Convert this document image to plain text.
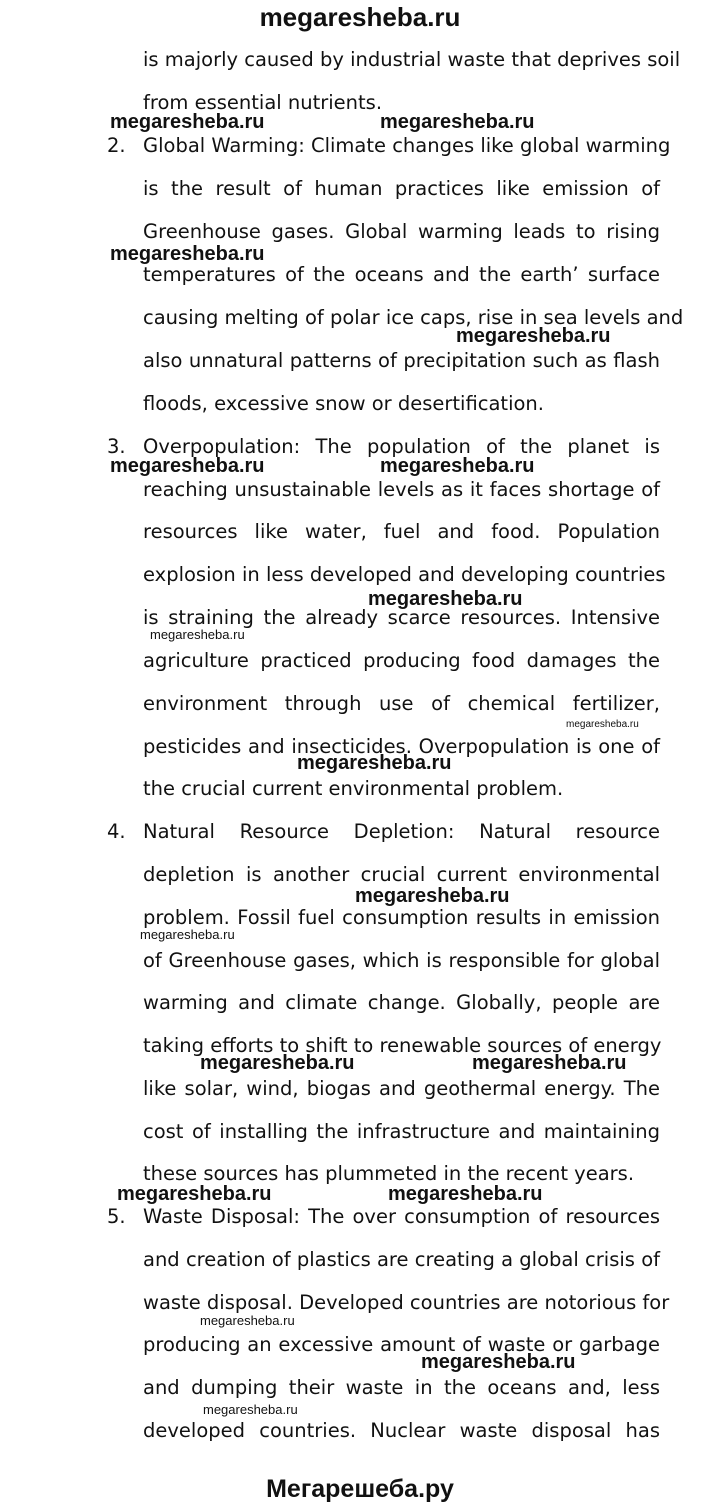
megaresheba.ru
is majorly caused by industrial waste that deprives soil
from essential nutrients.
2. Global Warming: Climate changes like global warming
is the result of human practices like emission of
Greenhouse gases. Global warming leads to rising
temperatures of the oceans and the earth’ surface
causing melting of polar ice caps, rise in sea levels and
also unnatural patterns of precipitation such as flash
floods, excessive snow or desertification.
3. Overpopulation: The population of the planet is
reaching unsustainable levels as it faces shortage of
resources like water, fuel and food. Population
explosion in less developed and developing countries
is straining the already scarce resources. Intensive
agriculture practiced producing food damages the
environment through use of chemical fertilizer,
pesticides and insecticides. Overpopulation is one of
the crucial current environmental problem.
4. Natural Resource Depletion: Natural resource
depletion is another crucial current environmental
problem. Fossil fuel consumption results in emission
of Greenhouse gases, which is responsible for global
warming and climate change. Globally, people are
taking efforts to shift to renewable sources of energy
like solar, wind, biogas and geothermal energy. The
cost of installing the infrastructure and maintaining
these sources has plummeted in the recent years.
5. Waste Disposal: The over consumption of resources
and creation of plastics are creating a global crisis of
waste disposal. Developed countries are notorious for
producing an excessive amount of waste or garbage
and dumping their waste in the oceans and, less
developed countries. Nuclear waste disposal has
megaresheba.ru	megaresheba.ru
megaresheba.ru
megaresheba.ru
megaresheba.ru	megaresheba.ru
megaresheba.ru
megaresheba.ru
megaresheba.ru
megaresheba.ru
megaresheba.ru
megaresheba.ru
megaresheba.ru	megaresheba.ru
megaresheba.ru	megaresheba.ru
megaresheba.ru
megaresheba.ru
megaresheba.ru
Мегарешеба.ру
